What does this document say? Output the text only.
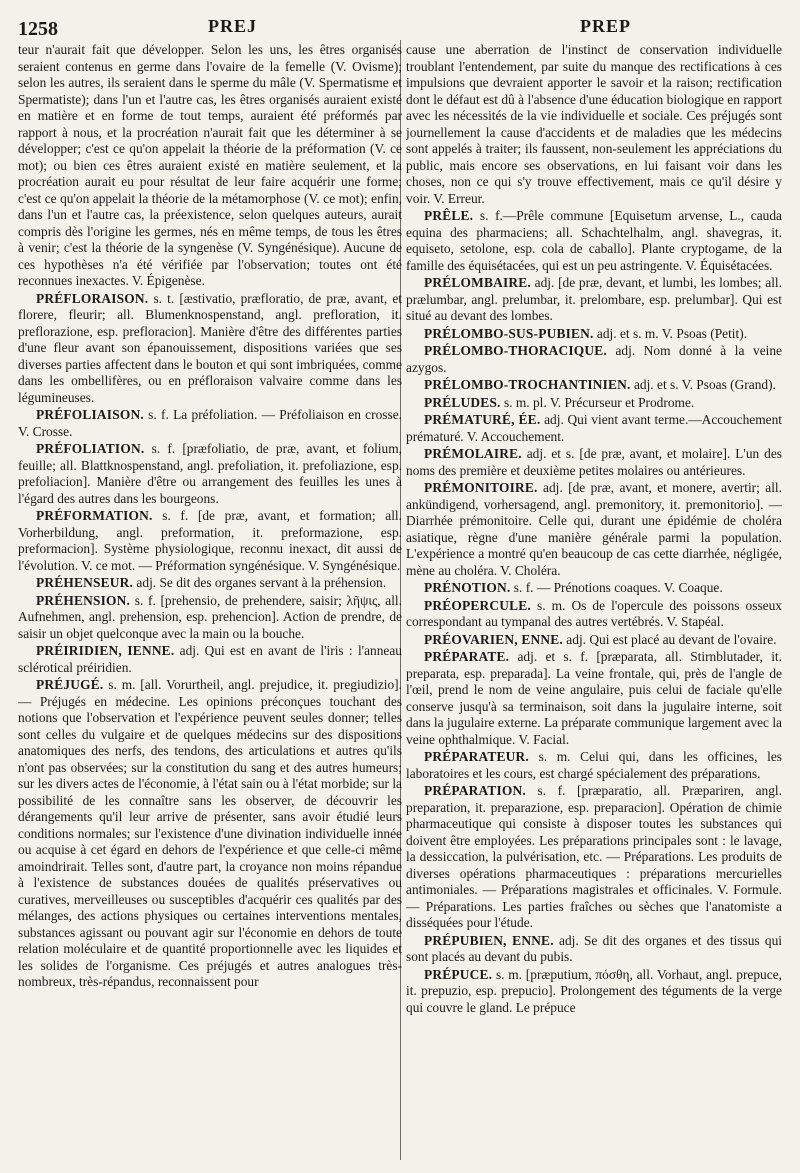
1258	PREJ	PREP

teur n'aurait fait que développer. Selon les uns, les êtres organisés seraient contenus en germe dans l'ovaire de la femelle (V. Ovisme); selon les autres, ils seraient dans le sperme du mâle (V. Spermatisme et Spermatiste); dans l'un et l'autre cas, les êtres organisés auraient existé en matière et en forme de tout temps, auraient été préformés par rapport à nous, et la procréation n'aurait fait que les déterminer à se développer; c'est ce qu'on appelait la théorie de la préformation (V. ce mot); ou bien ces êtres auraient existé en matière seulement, et la procréation aurait eu pour résultat de leur faire acquérir une forme; c'est ce qu'on appelait la théorie de la métamorphose (V. ce mot); enfin, dans l'un et l'autre cas, la préexistence, selon quelques auteurs, aurait compris dès l'origine les germes, nés en même temps, de tous les êtres à venir; c'est la théorie de la syngenèse (V. Syngénésique). Aucune de ces hypothèses n'a été vérifiée par l'observation; toutes ont été reconnues inexactes. V. Épigenèse.

PRÉFLORAISON. s. t. [æstivatio, præfloratio, de præ, avant, et florere, fleurir; all. Blumenknospenstand, angl. prefloration, it. preflorazione, esp. prefloracion]. Manière d'être des différentes parties d'une fleur avant son épanouissement, dispositions variées que ses diverses parties affectent dans le bouton et qui sont imbriquées, comme dans les ombellifères, ou en préfloraison valvaire comme dans les légumineuses.

PRÉFOLIAISON. s. f. La préfoliation. — Préfoliaison en crosse. V. Crosse.

PRÉFOLIATION. s. f. [præfoliatio, de præ, avant, et folium, feuille; all. Blattknospenstand, angl. prefoliation, it. prefoliazione, esp. prefoliacion]. Manière d'être ou arrangement des feuilles les unes à l'égard des autres dans les bourgeons.

PRÉFORMATION. s. f. [de præ, avant, et formation; all. Vorherbildung, angl. preformation, it. preformazione, esp. preformacion]. Système physiologique, reconnu inexact, dit aussi de l'évolution. V. ce mot. — Préformation syngénésique. V. Syngénésique.

PRÉHENSEUR. adj. Se dit des organes servant à la préhension.

PRÉHENSION. s. f. [prehensio, de prehendere, saisir; λῆψις, all. Aufnehmen, angl. prehension, esp. prehencion]. Action de prendre, de saisir un objet quelconque avec la main ou la bouche.

PRÉIRIDIEN, IENNE. adj. Qui est en avant de l'iris : l'anneau sclérotical préiridien.

PRÉJUGÉ. s. m. [all. Vorurtheil, angl. prejudice, it. pregiudizio]. — Préjugés en médecine. Les opinions préconçues touchant des notions que l'observation et l'expérience peuvent seules donner; telles sont celles du vulgaire et de quelques médecins sur des dispositions anatomiques des nerfs, des tendons, des articulations et autres qu'ils n'ont pas observées; sur la constitution du sang et des autres humeurs; sur les divers actes de l'économie, à l'état sain ou à l'état morbide; sur la possibilité de les connaître sans les observer, de découvrir les dérangements qu'il leur arrive de présenter, sans avoir étudié leurs conditions normales; sur l'existence d'une divination individuelle innée ou acquise à cet égard en dehors de l'expérience et que celle-ci même amoindrirait. Telles sont, d'autre part, la croyance non moins répandue à l'existence de substances douées de qualités préservatives ou curatives, merveilleuses ou susceptibles d'acquérir ces qualités par des mélanges, des actions physiques ou certaines interventions mentales, substances agissant ou pouvant agir sur l'économie en dehors de toute relation moléculaire et de quantité proportionnelle avec les liquides et les solides de l'organisme. Ces préjugés et autres analogues très-nombreux, très-répandus, reconnaissent pour

cause une aberration de l'instinct de conservation individuelle troublant l'entendement, par suite du manque des rectifications à ces impulsions que devraient apporter le savoir et la raison; rectification dont le défaut est dû à l'absence d'une éducation biologique en rapport avec les nécessités de la vie individuelle et sociale. Ces préjugés sont journellement la cause d'accidents et de maladies que les médecins sont appelés à traiter; ils faussent, non-seulement les appréciations du public, mais encore ses observations, en lui faisant voir dans les choses, non ce qui s'y trouve effectivement, mais ce qu'il désire y voir. V. Erreur.

PRÊLE. s. f.—Prêle commune [Equisetum arvense, L., cauda equina des pharmaciens; all. Schachtelhalm, angl. shavegras, it. equiseto, setolone, esp. cola de caballo]. Plante cryptogame, de la famille des équisétacées, qui est un peu astringente. V. Équisétacées.

PRÉLOMBAIRE. adj. [de præ, devant, et lumbi, les lombes; all. prælumbar, angl. prelumbar, it. prelombare, esp. prelumbar]. Qui est situé au devant des lombes.

PRÉLOMBO-SUS-PUBIEN. adj. et s. m. V. Psoas (Petit).

PRÉLOMBO-THORACIQUE. adj. Nom donné à la veine azygos.

PRÉLOMBO-TROCHANTINIEN. adj. et s. V. Psoas (Grand).

PRÉLUDES. s. m. pl. V. Précurseur et Prodrome.

PRÉMATURÉ, ÉE. adj. Qui vient avant terme.—Accouchement prématuré. V. Accouchement.

PRÉMOLAIRE. adj. et s. [de præ, avant, et molaire]. L'un des noms des première et deuxième petites molaires ou antérieures.

PRÉMONITOIRE. adj. [de præ, avant, et monere, avertir; all. ankündigend, vorhersagend, angl. premonitory, it. premonitorio]. — Diarrhée prémonitoire. Celle qui, durant une épidémie de choléra asiatique, règne d'une manière générale parmi la population. L'expérience a montré qu'en beaucoup de cas cette diarrhée, négligée, mène au choléra. V. Choléra.

PRÉNOTION. s. f. — Prénotions coaques. V. Coaque.

PRÉOPERCULE. s. m. Os de l'opercule des poissons osseux correspondant au tympanal des autres vertébrés. V. Stapéal.

PRÉOVARIEN, ENNE. adj. Qui est placé au devant de l'ovaire.

PRÉPARATE. adj. et s. f. [præparata, all. Stirnblutader, it. preparata, esp. preparada]. La veine frontale, qui, près de l'angle de l'œil, prend le nom de veine angulaire, puis celui de faciale qu'elle conserve jusqu'à sa terminaison, soit dans la jugulaire interne, soit dans la jugulaire externe. La préparate communique largement avec la veine ophthalmique. V. Facial.

PRÉPARATEUR. s. m. Celui qui, dans les officines, les laboratoires et les cours, est chargé spécialement des préparations.

PRÉPARATION. s. f. [præparatio, all. Præpariren, angl. preparation, it. preparazione, esp. preparacion]. Opération de chimie pharmaceutique qui consiste à disposer toutes les substances qui doivent être employées. Les préparations principales sont : le lavage, la dessiccation, la pulvérisation, etc. — Préparations. Les produits de diverses opérations pharmaceutiques : préparations mercurielles antimoniales. — Préparations magistrales et officinales. V. Formule. — Préparations. Les parties fraîches ou sèches que l'anatomiste a disséquées pour l'étude.

PRÉPUBIEN, ENNE. adj. Se dit des organes et des tissus qui sont placés au devant du pubis.

PRÉPUCE. s. m. [præputium, πόσθη, all. Vorhaut, angl. prepuce, it. prepuzio, esp. prepucio]. Prolongement des téguments de la verge qui couvre le gland. Le prépuce
